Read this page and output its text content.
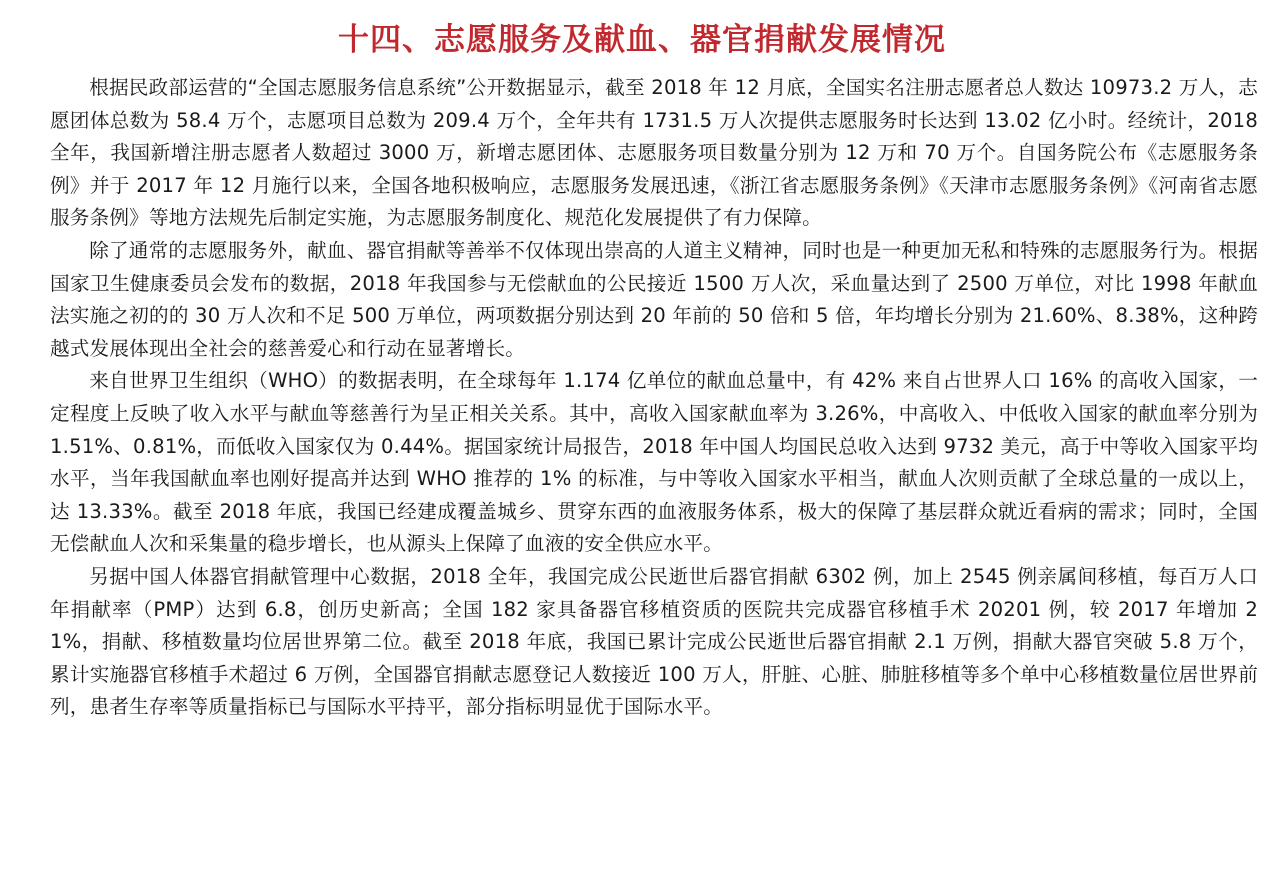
十四、志愿服务及献血、器官捐献发展情况

根据民政部运营的“全国志愿服务信息系统”公开数据显示，截至 2018 年 12 月底，全国实名注册志愿者总人数达 10973.2 万人，志愿团体总数为 58.4 万个，志愿项目总数为 209.4 万个，全年共有 1731.5 万人次提供志愿服务时长达到 13.02 亿小时。经统计，2018 全年，我国新增注册志愿者人数超过 3000 万，新增志愿团体、志愿服务项目数量分别为 12 万和 70 万个。自国务院公布《志愿服务条例》并于 2017 年 12 月施行以来，全国各地积极响应，志愿服务发展迅速，《浙江省志愿服务条例》《天津市志愿服务条例》《河南省志愿服务条例》等地方法规先后制定实施，为志愿服务制度化、规范化发展提供了有力保障。

除了通常的志愿服务外，献血、器官捐献等善举不仅体现出崇高的人道主义精神，同时也是一种更加无私和特殊的志愿服务行为。根据国家卫生健康委员会发布的数据，2018 年我国参与无偿献血的公民接近 1500 万人次，采血量达到了 2500 万单位，对比 1998 年献血法实施之初的的 30 万人次和不足 500 万单位，两项数据分别达到 20 年前的 50 倍和 5 倍，年均增长分别为 21.60%、8.38%，这种跨越式发展体现出全社会的慈善爱心和行动在显著增长。

来自世界卫生组织（WHO）的数据表明，在全球每年 1.174 亿单位的献血总量中，有 42% 来自占世界人口 16% 的高收入国家，一定程度上反映了收入水平与献血等慈善行为呈正相关关系。其中，高收入国家献血率为 3.26%，中高收入、中低收入国家的献血率分别为 1.51%、0.81%，而低收入国家仅为 0.44%。据国家统计局报告，2018 年中国人均国民总收入达到 9732 美元，高于中等收入国家平均水平，当年我国献血率也刚好提高并达到 WHO 推荐的 1% 的标准，与中等收入国家水平相当，献血人次则贡献了全球总量的一成以上，达 13.33%。截至 2018 年底，我国已经建成覆盖城乡、贯穿东西的血液服务体系，极大的保障了基层群众就近看病的需求；同时，全国无偿献血人次和采集量的稳步增长，也从源头上保障了血液的安全供应水平。

另据中国人体器官捐献管理中心数据，2018 全年，我国完成公民逝世后器官捐献 6302 例，加上 2545 例亲属间移植，每百万人口年捐献率（PMP）达到 6.8，创历史新高；全国 182 家具备器官移植资质的医院共完成器官移植手术 20201 例，较 2017 年增加 21%，捐献、移植数量均位居世界第二位。截至 2018 年底，我国已累计完成公民逝世后器官捐献 2.1 万例，捐献大器官突破 5.8 万个，累计实施器官移植手术超过 6 万例，全国器官捐献志愿登记人数接近 100 万人，肝脏、心脏、肺脏移植等多个单中心移植数量位居世界前列，患者生存率等质量指标已与国际水平持平，部分指标明显优于国际水平。
